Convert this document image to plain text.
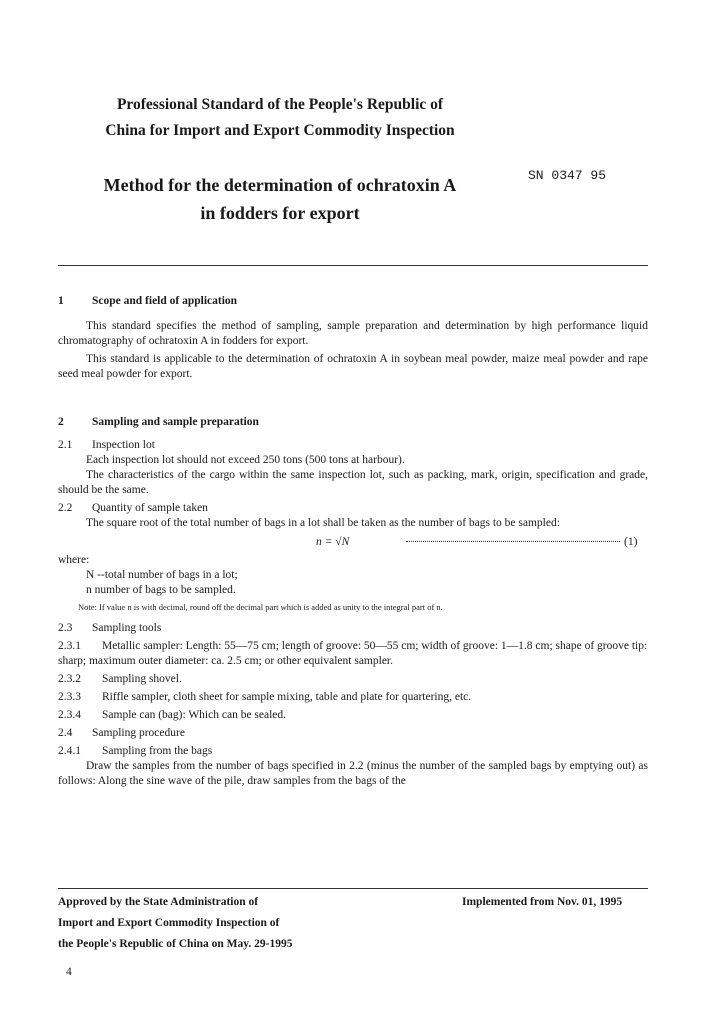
Professional Standard of the People's Republic of
China for Import and Export Commodity Inspection
Method for the determination of ochratoxin A
in fodders for export
SN 0347 95
1 Scope and field of application
This standard specifies the method of sampling, sample preparation and determination by high performance liquid chromatography of ochratoxin A in fodders for export.
This standard is applicable to the determination of ochratoxin A in soybean meal powder, maize meal powder and rape seed meal powder for export.
2 Sampling and sample preparation
2.1 Inspection lot
Each inspection lot should not exceed 250 tons (500 tons at harbour).
The characteristics of the cargo within the same inspection lot, such as packing, mark, origin, specification and grade, should be the same.
2.2 Quantity of sample taken
The square root of the total number of bags in a lot shall be taken as the number of bags to be sampled:
n = √N	(1)
where:
N --total number of bags in a lot;
n number of bags to be sampled.
Note: If value n is with decimal, round off the decimal part which is added as unity to the integral part of n.
2.3 Sampling tools
2.3.1 Metallic sampler: Length: 55—75 cm; length of groove: 50—55 cm; width of groove: 1—1.8 cm; shape of groove tip: sharp; maximum outer diameter: ca. 2.5 cm; or other equivalent sampler.
2.3.2 Sampling shovel.
2.3.3 Riffle sampler, cloth sheet for sample mixing, table and plate for quartering, etc.
2.3.4 Sample can (bag): Which can be sealed.
2.4 Sampling procedure
2.4.1 Sampling from the bags
Draw the samples from the number of bags specified in 2.2 (minus the number of the sampled bags by emptying out) as follows: Along the sine wave of the pile, draw samples from the bags of the
Approved by the State Administration of
Import and Export Commodity Inspection of
the People's Republic of China on May. 29-1995
Implemented from Nov. 01, 1995
4
